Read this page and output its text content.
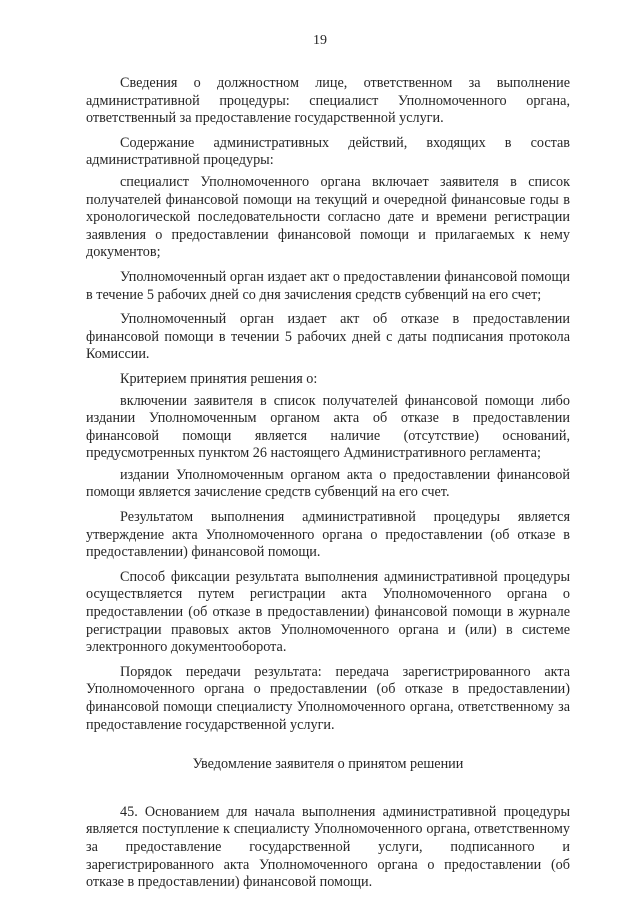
19

Сведения о должностном лице, ответственном за выполнение административной процедуры: специалист Уполномоченного органа, ответственный за предоставление государственной услуги.

Содержание административных действий, входящих в состав административной процедуры:

специалист Уполномоченного органа включает заявителя в список получателей финансовой помощи на текущий и очередной финансовые годы в хронологической последовательности согласно дате и времени регистрации заявления о предоставлении финансовой помощи и прилагаемых к нему документов;

Уполномоченный орган издает акт о предоставлении финансовой помощи в течение 5 рабочих дней со дня зачисления средств субвенций на его счет;

Уполномоченный орган издает акт об отказе в предоставлении финансовой помощи в течении 5 рабочих дней с даты подписания протокола Комиссии.

Критерием принятия решения о:

включении заявителя в список получателей финансовой помощи либо издании Уполномоченным органом акта об отказе в предоставлении финансовой помощи является наличие (отсутствие) оснований, предусмотренных пунктом 26 настоящего Административного регламента;

издании Уполномоченным органом акта о предоставлении финансовой помощи является зачисление средств субвенций на его счет.

Результатом выполнения административной процедуры является утверждение акта Уполномоченного органа о предоставлении (об отказе в предоставлении) финансовой помощи.

Способ фиксации результата выполнения административной процедуры осуществляется путем регистрации акта Уполномоченного органа о предоставлении (об отказе в предоставлении) финансовой помощи в журнале регистрации правовых актов Уполномоченного органа и (или) в системе электронного документооборота.

Порядок передачи результата: передача зарегистрированного акта Уполномоченного органа о предоставлении (об отказе в предоставлении) финансовой помощи специалисту Уполномоченного органа, ответственному за предоставление государственной услуги.

Уведомление заявителя о принятом решении

45. Основанием для начала выполнения административной процедуры является поступление к специалисту Уполномоченного органа, ответственному за предоставление государственной услуги, подписанного и зарегистрированного акта Уполномоченного органа о предоставлении (об отказе в предоставлении) финансовой помощи.
